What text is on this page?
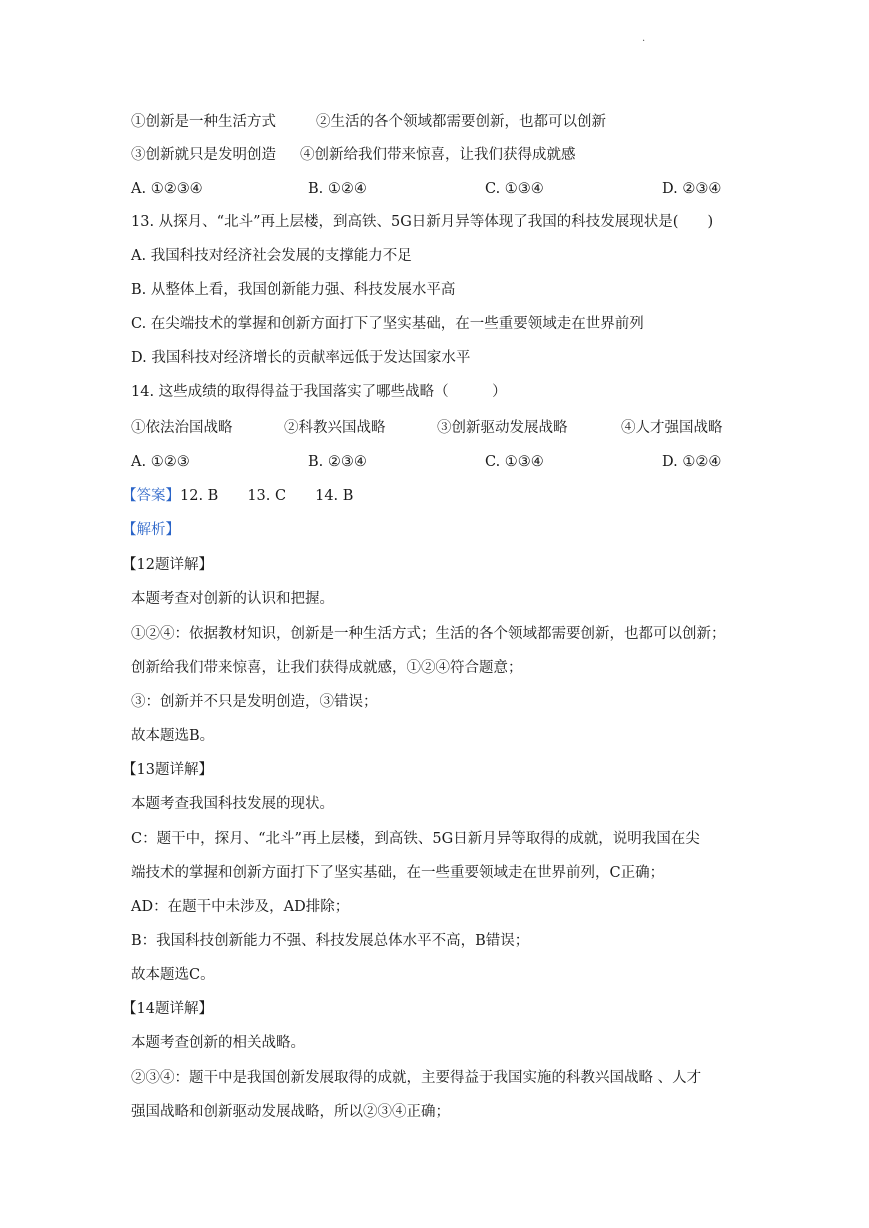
.
①创新是一种生活方式	②生活的各个领域都需要创新，也都可以创新
③创新就只是发明创造 ④创新给我们带来惊喜，让我们获得成就感
A. ①②③④	B. ①②④	C. ①③④	D. ②③④
13. 从探月、“北斗”再上层楼，到高铁、5G日新月异等体现了我国的科技发展现状是(　　)
A. 我国科技对经济社会发展的支撑能力不足
B. 从整体上看，我国创新能力强、科技发展水平高
C. 在尖端技术的掌握和创新方面打下了坚实基础，在一些重要领域走在世界前列
D. 我国科技对经济增长的贡献率远低于发达国家水平
14. 这些成绩的取得得益于我国落实了哪些战略（　　　）
①依法治国战略	②科教兴国战略	③创新驱动发展战略	④人才强国战略
A. ①②③	B. ②③④	C. ①③④	D. ①②④
【答案】12. B　　13. C　　14. B
【解析】
【12题详解】
本题考查对创新的认识和把握。
①②④：依据教材知识，创新是一种生活方式；生活的各个领域都需要创新，也都可以创新；
创新给我们带来惊喜，让我们获得成就感，①②④符合题意；
③：创新并不只是发明创造，③错误；
故本题选B。
【13题详解】
本题考查我国科技发展的现状。
C：题干中，探月、“北斗”再上层楼，到高铁、5G日新月异等取得的成就，说明我国在尖
端技术的掌握和创新方面打下了坚实基础，在一些重要领域走在世界前列，C正确；
AD：在题干中未涉及，AD排除；
B：我国科技创新能力不强、科技发展总体水平不高，B错误；
故本题选C。
【14题详解】
本题考查创新的相关战略。
②③④：题干中是我国创新发展取得的成就，主要得益于我国实施的科教兴国战略 、人才
强国战略和创新驱动发展战略，所以②③④正确；
